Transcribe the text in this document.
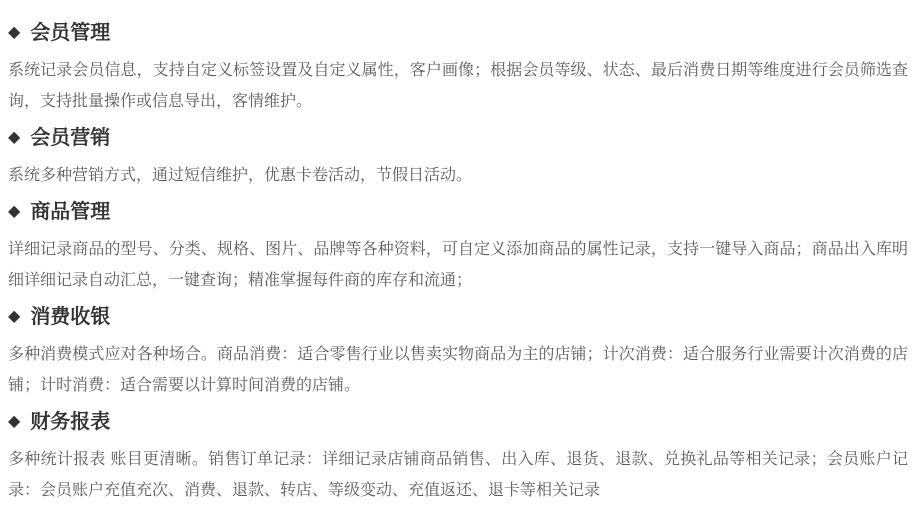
◆ 会员管理

系统记录会员信息，支持自定义标签设置及自定义属性，客户画像；根据会员等级、状态、最后消费日期等维度进行会员筛选查询，支持批量操作或信息导出，客情维护。

◆ 会员营销

系统多种营销方式，通过短信维护，优惠卡卷活动，节假日活动。

◆ 商品管理

详细记录商品的型号、分类、规格、图片、品牌等各种资料，可自定义添加商品的属性记录，支持一键导入商品；商品出入库明细详细记录自动汇总，一键查询；精准掌握每件商的库存和流通；

◆ 消费收银

多种消费模式应对各种场合。商品消费：适合零售行业以售卖实物商品为主的店铺；计次消费：适合服务行业需要计次消费的店铺；计时消费：适合需要以计算时间消费的店铺。

◆ 财务报表

多种统计报表 账目更清晰。销售订单记录：详细记录店铺商品销售、出入库、退货、退款、兑换礼品等相关记录；会员账户记录：会员账户充值充次、消费、退款、转店、等级变动、充值返还、退卡等相关记录
